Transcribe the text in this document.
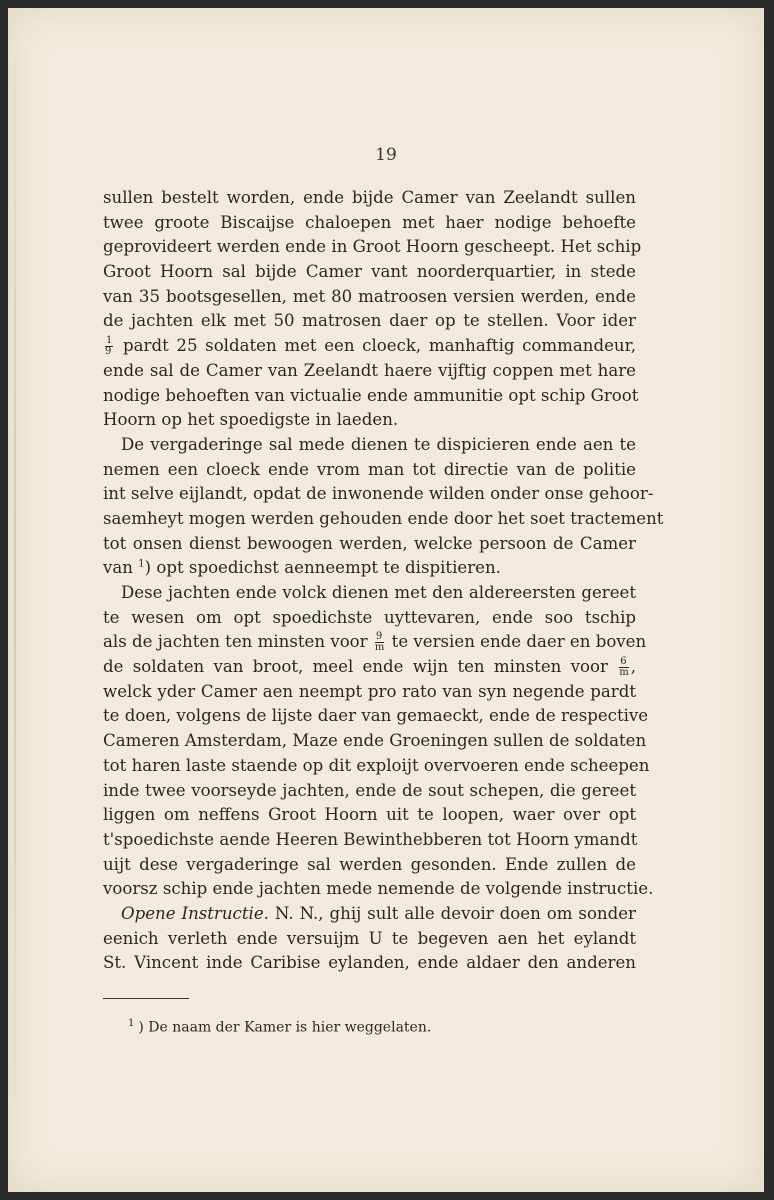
19
sullen bestelt worden, ende bijde Camer van Zeelandt sullen
twee groote Biscaijse chaloepen met haer nodige behoefte
geprovideert werden ende in Groot Hoorn gescheept. Het schip
Groot Hoorn sal bijde Camer vant noorderquartier, in stede
van 35 bootsgesellen, met 80 matroosen versien werden, ende
de jachten elk met 50 matrosen daer op te stellen. Voor ider
$\frac{1}{9}$ pardt 25 soldaten met een cloeck, manhaftig commandeur,
ende sal de Camer van Zeelandt haere vijftig coppen met hare
nodige behoeften van victualie ende ammunitie opt schip Groot
Hoorn op het spoedigste in laeden.
De vergaderinge sal mede dienen te dispicieren ende aen te
nemen een cloeck ende vrom man tot directie van de politie
int selve eijlandt, opdat de inwonende wilden onder onse gehoor-
saemheyt mogen werden gehouden ende door het soet tractement
tot onsen dienst bewoogen werden, welcke persoon de Camer
van $^1$) opt spoedichst aenneempt te dispitieren.
Dese jachten ende volck dienen met den aldereersten gereet
te wesen om opt spoedichste uyttevaren, ende soo tschip
als de jachten ten minsten voor $\frac{9}{m}$ te versien ende daer en boven
de soldaten van broot, meel ende wijn ten minsten voor $\frac{6}{m}$ ,
welck yder Camer aen neempt pro rato van syn negende pardt
te doen, volgens de lijste daer van gemaeckt, ende de respective
Cameren Amsterdam, Maze ende Groeningen sullen de soldaten
tot haren laste staende op dit exploijt overvoeren ende scheepen
inde twee voorseyde jachten, ende de sout schepen, die gereet
liggen om neffens Groot Hoorn uit te loopen, waer over opt
t'spoedichste aende Heeren Bewinthebberen tot Hoorn ymandt
uijt dese vergaderinge sal werden gesonden. Ende zullen de
voorsz schip ende jachten mede nemende de volgende instructie.
Opene Instructie. N. N., ghij sult alle devoir doen om sonder
eenich verleth ende versuijm U te begeven aen het eylandt
St. Vincent inde Caribise eylanden, ende aldaer den anderen
$^1$ ) De naam der Kamer is hier weggelaten.
